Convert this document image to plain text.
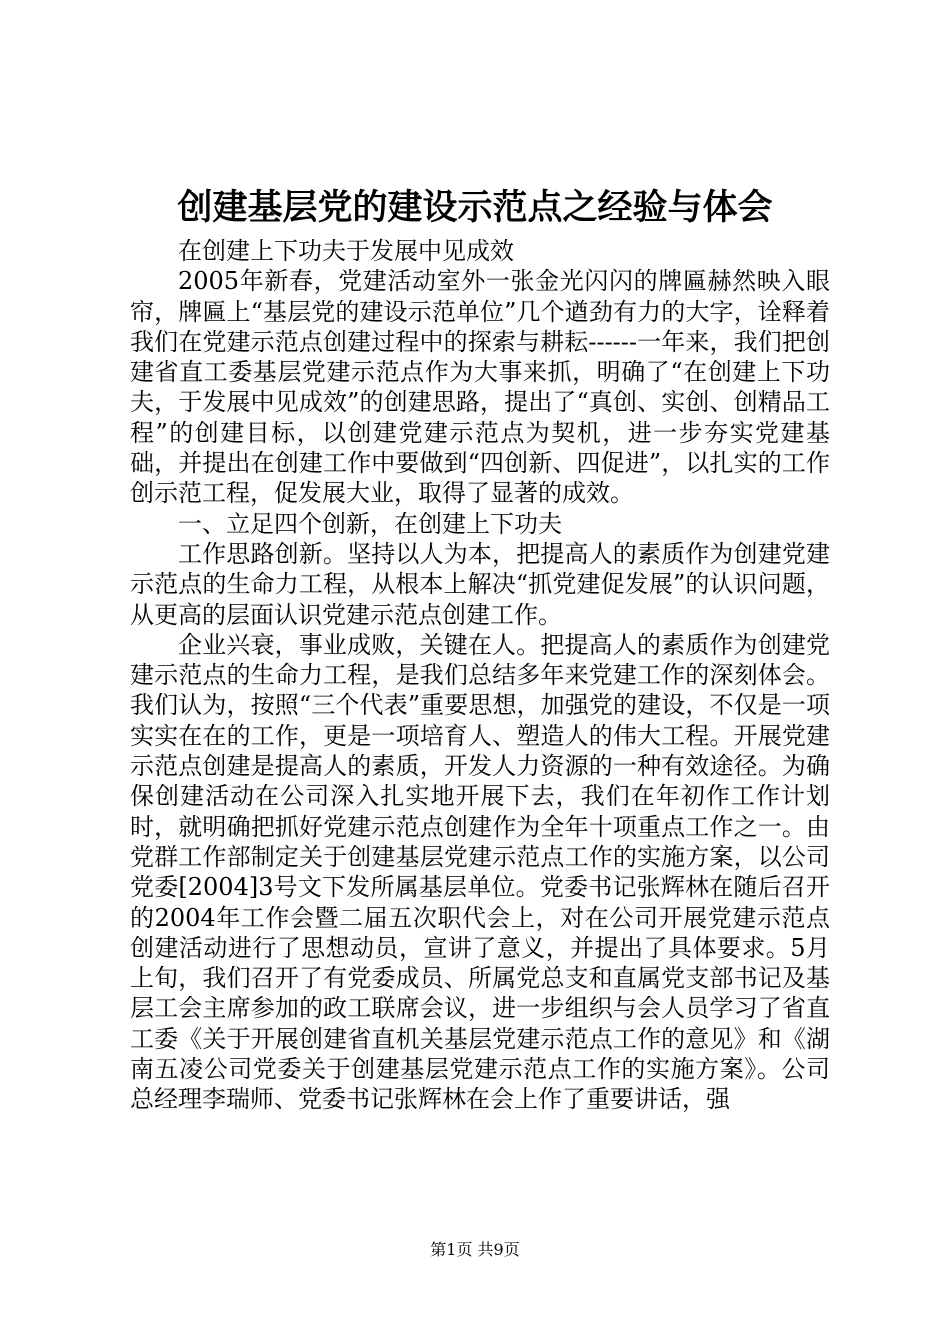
创建基层党的建设示范点之经验与体会

在创建上下功夫于发展中见成效

2005年新春，党建活动室外一张金光闪闪的牌匾赫然映入眼帘，牌匾上“基层党的建设示范单位”几个遒劲有力的大字，诠释着我们在党建示范点创建过程中的探索与耕耘------一年来，我们把创建省直工委基层党建示范点作为大事来抓，明确了“在创建上下功夫，于发展中见成效”的创建思路，提出了“真创、实创、创精品工程”的创建目标，以创建党建示范点为契机，进一步夯实党建基础，并提出在创建工作中要做到“四创新、四促进”，以扎实的工作创示范工程，促发展大业，取得了显著的成效。

一、立足四个创新，在创建上下功夫

工作思路创新。坚持以人为本，把提高人的素质作为创建党建示范点的生命力工程，从根本上解决“抓党建促发展”的认识问题，从更高的层面认识党建示范点创建工作。

企业兴衰，事业成败，关键在人。把提高人的素质作为创建党建示范点的生命力工程，是我们总结多年来党建工作的深刻体会。我们认为，按照“三个代表”重要思想，加强党的建设，不仅是一项实实在在的工作，更是一项培育人、塑造人的伟大工程。开展党建示范点创建是提高人的素质，开发人力资源的一种有效途径。为确保创建活动在公司深入扎实地开展下去，我们在年初作工作计划时，就明确把抓好党建示范点创建作为全年十项重点工作之一。由党群工作部制定关于创建基层党建示范点工作的实施方案，以公司党委[2004]3号文下发所属基层单位。党委书记张辉林在随后召开的2004年工作会暨二届五次职代会上，对在公司开展党建示范点创建活动进行了思想动员，宣讲了意义，并提出了具体要求。5月上旬，我们召开了有党委成员、所属党总支和直属党支部书记及基层工会主席参加的政工联席会议，进一步组织与会人员学习了省直工委《关于开展创建省直机关基层党建示范点工作的意见》和《湖南五凌公司党委关于创建基层党建示范点工作的实施方案》。公司总经理李瑞师、党委书记张辉林在会上作了重要讲话，强

第1页 共9页
